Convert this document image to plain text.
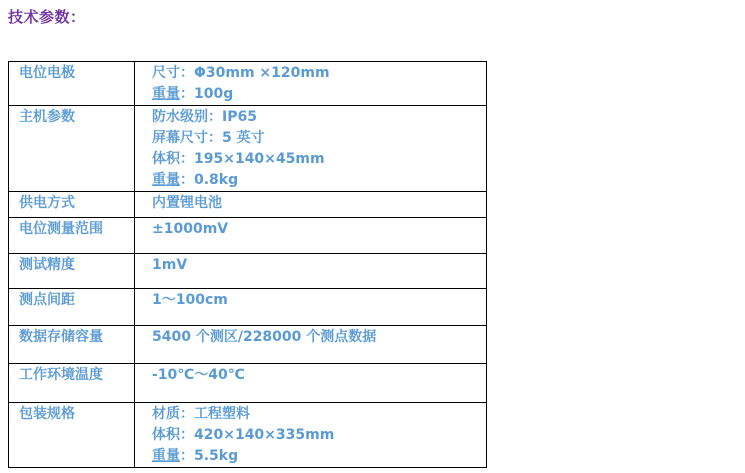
技术参数：
电位电极	尺寸：Φ30mm ×120mm
重量：100g

主机参数	防水级别：IP65
屏幕尺寸：5 英寸
体积：195×140×45mm
重量：0.8kg

供电方式	内置锂电池

电位测量范围	±1000mV

测试精度	1mV

测点间距	1～100cm

数据存储容量	5400 个测区/228000 个测点数据

工作环境温度	-10℃～40℃

包装规格	材质：工程塑料
体积：420×140×335mm
重量：5.5kg
